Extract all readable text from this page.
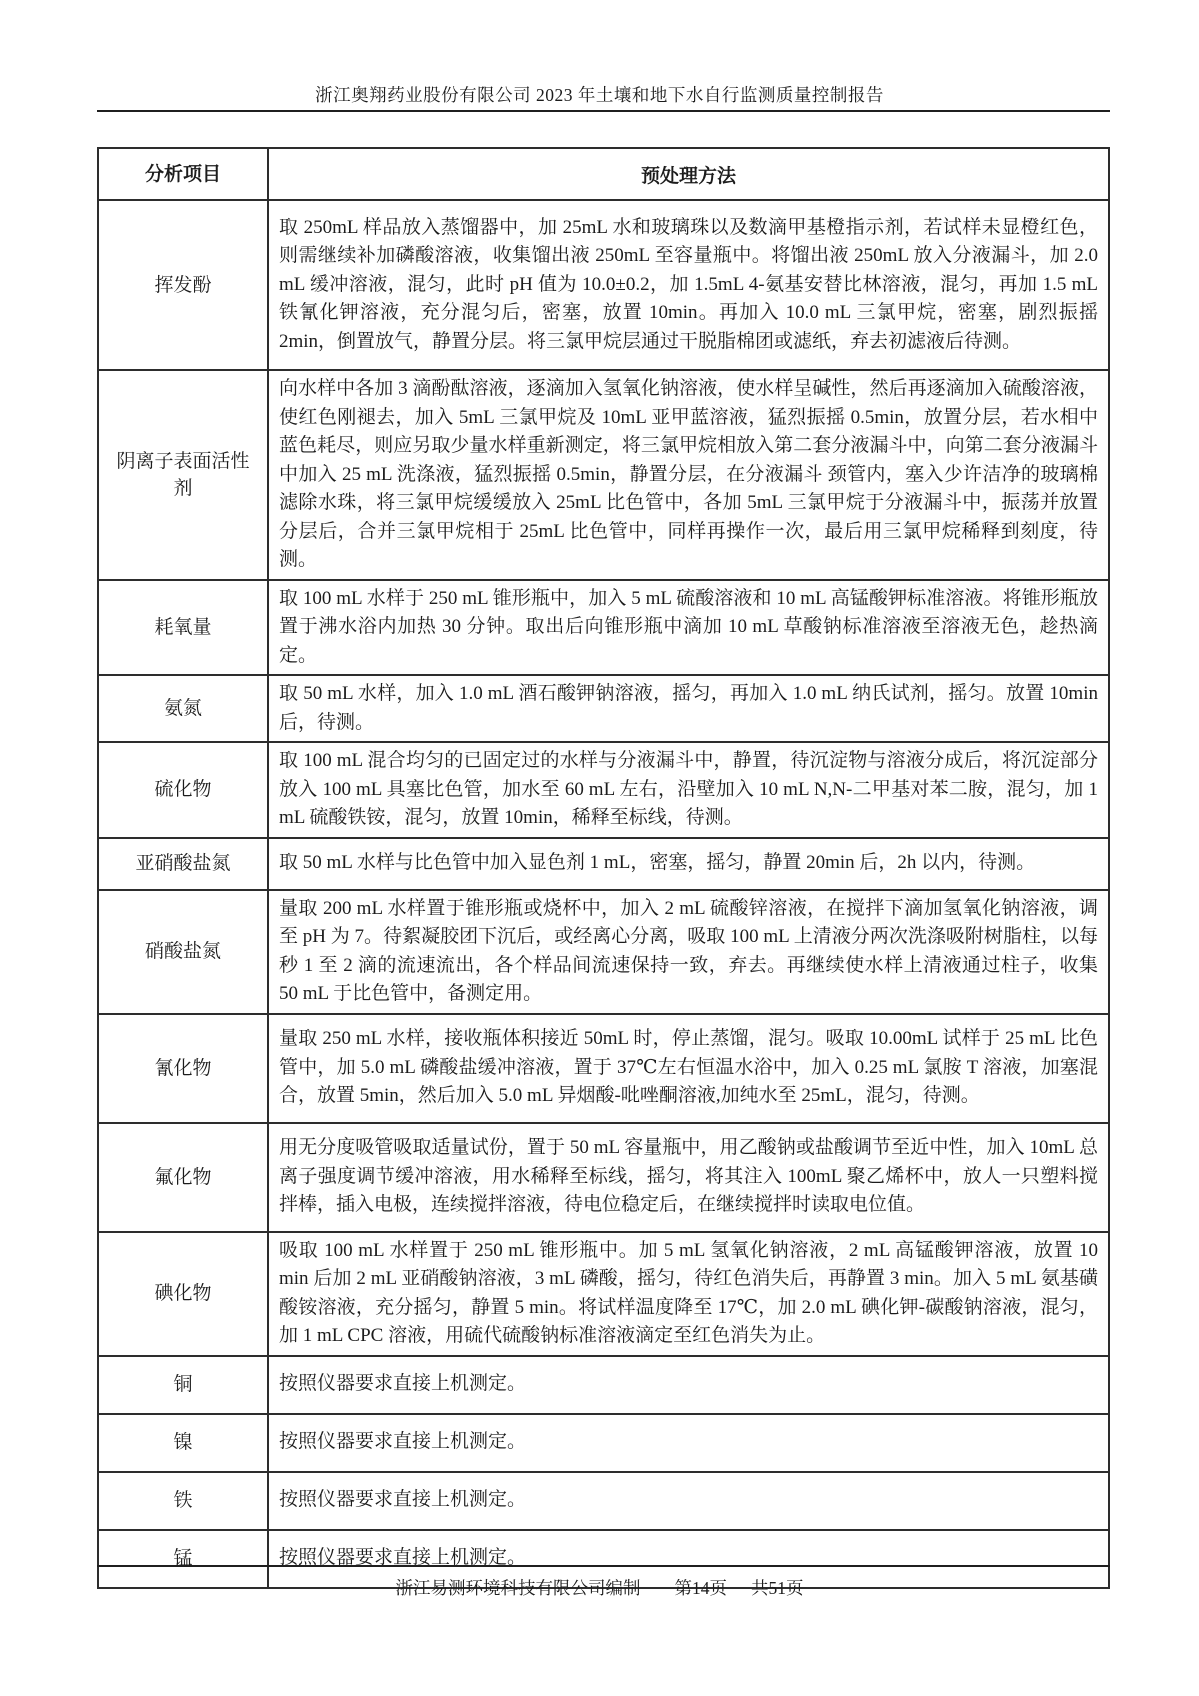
浙江奥翔药业股份有限公司 2023 年土壤和地下水自行监测质量控制报告
分析项目	预处理方法
挥发酚	取 250mL 样品放入蒸馏器中，加 25mL 水和玻璃珠以及数滴甲基橙指示剂，若试样未显橙红色，则需继续补加磷酸溶液，收集馏出液 250mL 至容量瓶中。将馏出液 250mL 放入分液漏斗，加 2.0 mL 缓冲溶液，混匀，此时 pH 值为 10.0±0.2，加 1.5mL 4-氨基安替比林溶液，混匀，再加 1.5 mL 铁氰化钾溶液，充分混匀后，密塞，放置 10min。再加入 10.0 mL 三氯甲烷，密塞，剧烈振摇 2min，倒置放气，静置分层。将三氯甲烷层通过干脱脂棉团或滤纸，弃去初滤液后待测。
阴离子表面活性剂	向水样中各加 3 滴酚酞溶液，逐滴加入氢氧化钠溶液，使水样呈碱性，然后再逐滴加入硫酸溶液，使红色刚褪去，加入 5mL 三氯甲烷及 10mL 亚甲蓝溶液，猛烈振摇 0.5min，放置分层，若水相中蓝色耗尽，则应另取少量水样重新测定，将三氯甲烷相放入第二套分液漏斗中，向第二套分液漏斗中加入 25 mL 洗涤液，猛烈振摇 0.5min，静置分层，在分液漏斗 颈管内，塞入少许洁净的玻璃棉滤除水珠，将三氯甲烷缓缓放入 25mL 比色管中，各加 5mL 三氯甲烷于分液漏斗中，振荡并放置分层后，合并三氯甲烷相于 25mL 比色管中，同样再操作一次，最后用三氯甲烷稀释到刻度，待测。
耗氧量	取 100 mL 水样于 250 mL 锥形瓶中，加入 5 mL 硫酸溶液和 10 mL 高锰酸钾标准溶液。将锥形瓶放置于沸水浴内加热 30 分钟。取出后向锥形瓶中滴加 10 mL 草酸钠标准溶液至溶液无色，趁热滴定。
氨氮	取 50 mL 水样，加入 1.0 mL 酒石酸钾钠溶液，摇匀，再加入 1.0 mL 纳氏试剂，摇匀。放置 10min 后，待测。
硫化物	取 100 mL 混合均匀的已固定过的水样与分液漏斗中，静置，待沉淀物与溶液分成后，将沉淀部分放入 100 mL 具塞比色管，加水至 60 mL 左右，沿壁加入 10 mL N,N-二甲基对苯二胺，混匀，加 1 mL 硫酸铁铵，混匀，放置 10min，稀释至标线，待测。
亚硝酸盐氮	取 50 mL 水样与比色管中加入显色剂 1 mL，密塞，摇匀，静置 20min 后，2h 以内，待测。
硝酸盐氮	量取 200 mL 水样置于锥形瓶或烧杯中，加入 2 mL 硫酸锌溶液，在搅拌下滴加氢氧化钠溶液，调至 pH 为 7。待絮凝胶团下沉后，或经离心分离，吸取 100 mL 上清液分两次洗涤吸附树脂柱，以每秒 1 至 2 滴的流速流出，各个样品间流速保持一致，弃去。再继续使水样上清液通过柱子，收集 50 mL 于比色管中，备测定用。
氰化物	量取 250 mL 水样，接收瓶体积接近 50mL 时，停止蒸馏，混匀。吸取 10.00mL 试样于 25 mL 比色管中，加 5.0 mL 磷酸盐缓冲溶液，置于 37℃左右恒温水浴中，加入 0.25 mL 氯胺 T 溶液，加塞混合，放置 5min，然后加入 5.0 mL 异烟酸-吡唑酮溶液,加纯水至 25mL，混匀，待测。
氟化物	用无分度吸管吸取适量试份，置于 50 mL 容量瓶中，用乙酸钠或盐酸调节至近中性，加入 10mL 总离子强度调节缓冲溶液，用水稀释至标线，摇匀，将其注入 100mL 聚乙烯杯中，放人一只塑料搅拌棒，插入电极，连续搅拌溶液，待电位稳定后，在继续搅拌时读取电位值。
碘化物	吸取 100 mL 水样置于 250 mL 锥形瓶中。加 5 mL 氢氧化钠溶液，2 mL 高锰酸钾溶液，放置 10 min 后加 2 mL 亚硝酸钠溶液，3 mL 磷酸，摇匀，待红色消失后，再静置 3 min。加入 5 mL 氨基磺酸铵溶液，充分摇匀，静置 5 min。将试样温度降至 17℃，加 2.0 mL 碘化钾-碳酸钠溶液，混匀，加 1 mL CPC 溶液，用硫代硫酸钠标准溶液滴定至红色消失为止。
铜	按照仪器要求直接上机测定。
镍	按照仪器要求直接上机测定。
铁	按照仪器要求直接上机测定。
锰	按照仪器要求直接上机测定。
浙江易测环境科技有限公司编制 第14页 共51页
